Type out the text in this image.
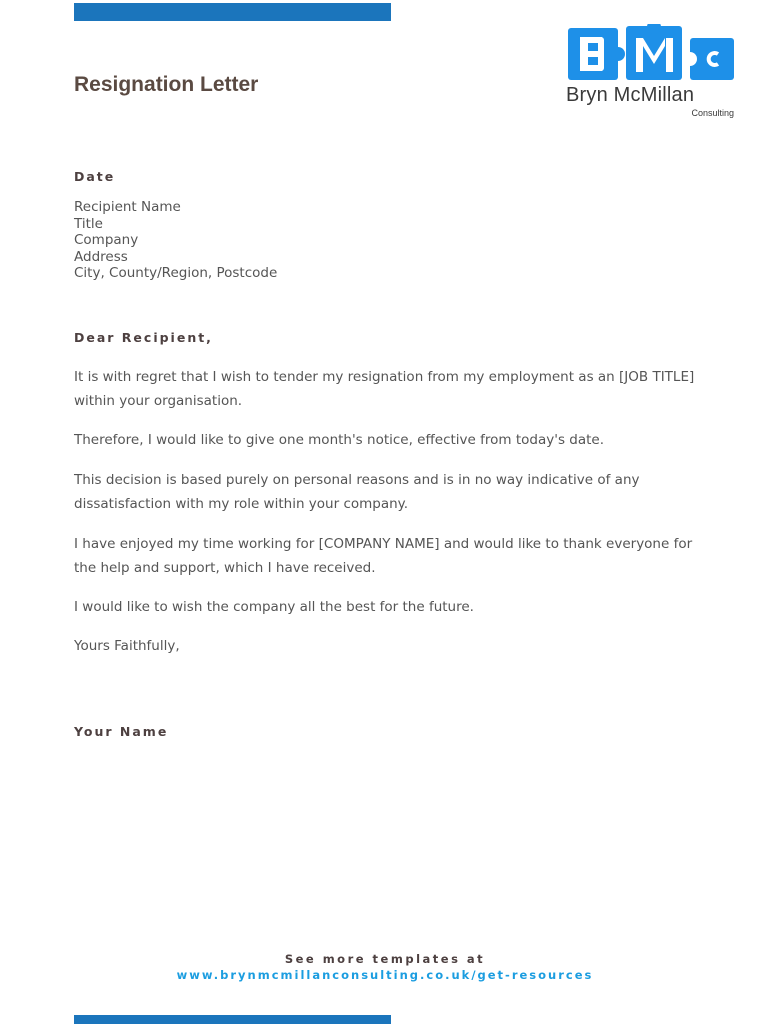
Resignation Letter	Bryn McMillan
Consulting
Date
Recipient Name
Title
Company
Address
City, County/Region, Postcode
Dear Recipient,
It is with regret that I wish to tender my resignation from my employment as an [JOB TITLE] within your organisation.
Therefore, I would like to give one month's notice, effective from today's date.
This decision is based purely on personal reasons and is in no way indicative of any dissatisfaction with my role within your company.
I have enjoyed my time working for [COMPANY NAME] and would like to thank everyone for the help and support, which I have received.
I would like to wish the company all the best for the future.
Yours Faithfully,
Your Name
See more templates at
www.brynmcmillanconsulting.co.uk/get-resources
